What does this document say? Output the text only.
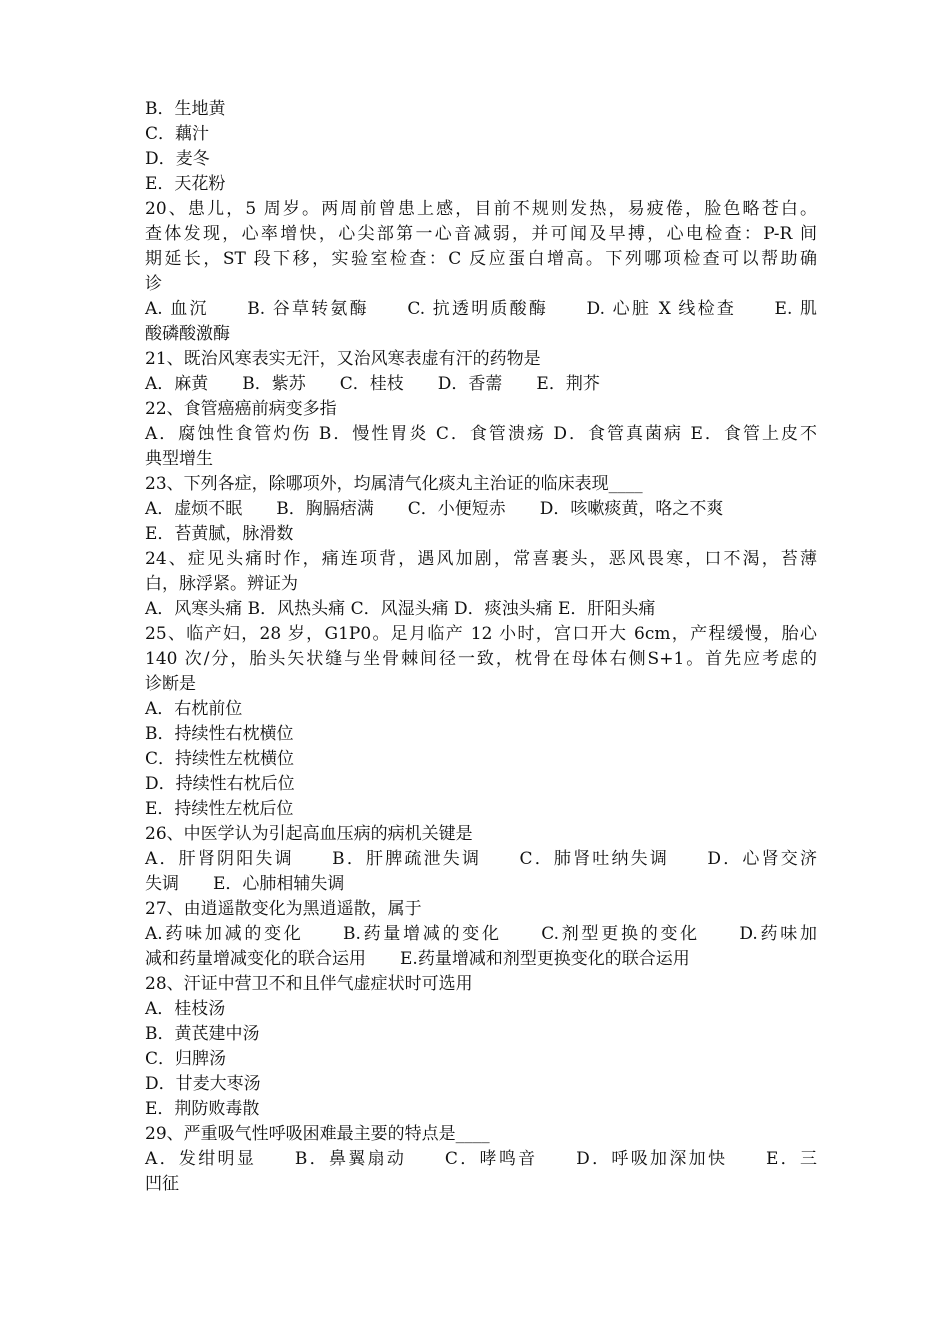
B．生地黄
C．藕汁
D．麦冬
E．天花粉
20、患儿，5 周岁。两周前曾患上感，目前不规则发热，易疲倦，脸色略苍白。
查体发现，心率增快，心尖部第一心音减弱，并可闻及早搏，心电检查：P-R 间
期延长，ST 段下移，实验室检查：C 反应蛋白增高。下列哪项检查可以帮助确
诊
A. 血沉　　B. 谷草转氨酶　　C. 抗透明质酸酶　　D. 心脏 X 线检查　　E. 肌
酸磷酸激酶
21、既治风寒表实无汗，又治风寒表虚有汗的药物是
A．麻黄　　B．紫苏　　C．桂枝　　D．香薷　　E．荆芥
22、食管癌癌前病变多指
A．腐蚀性食管灼伤 B．慢性胃炎 C．食管溃疡 D．食管真菌病 E．食管上皮不
典型增生
23、下列各症，除哪项外，均属清气化痰丸主治证的临床表现____
A．虚烦不眠　　B．胸膈痞满　　C．小便短赤　　D．咳嗽痰黄，咯之不爽
E．苔黄腻，脉滑数
24、症见头痛时作，痛连项背，遇风加剧，常喜裹头，恶风畏寒，口不渴，苔薄
白，脉浮紧。辨证为
A．风寒头痛 B．风热头痛 C．风湿头痛 D．痰浊头痛 E．肝阳头痛
25、临产妇，28 岁，G1P0。足月临产 12 小时，宫口开大 6cm，产程缓慢，胎心
140 次/分，胎头矢状缝与坐骨棘间径一致，枕骨在母体右侧S+1。首先应考虑的
诊断是
A．右枕前位
B．持续性右枕横位
C．持续性左枕横位
D．持续性右枕后位
E．持续性左枕后位
26、中医学认为引起高血压病的病机关键是
A．肝肾阴阳失调　　B．肝脾疏泄失调　　C．肺肾吐纳失调　　D．心肾交济
失调　　E．心肺相辅失调
27、由逍遥散变化为黑逍遥散，属于
A.药味加减的变化　　B.药量增减的变化　　C.剂型更换的变化　　D.药味加
减和药量增减变化的联合运用　　E.药量增减和剂型更换变化的联合运用
28、汗证中营卫不和且伴气虚症状时可选用
A．桂枝汤
B．黄芪建中汤
C．归脾汤
D．甘麦大枣汤
E．荆防败毒散
29、严重吸气性呼吸困难最主要的特点是____
A．发绀明显　　B．鼻翼扇动　　C．哮鸣音　　D．呼吸加深加快　　E．三
凹征
